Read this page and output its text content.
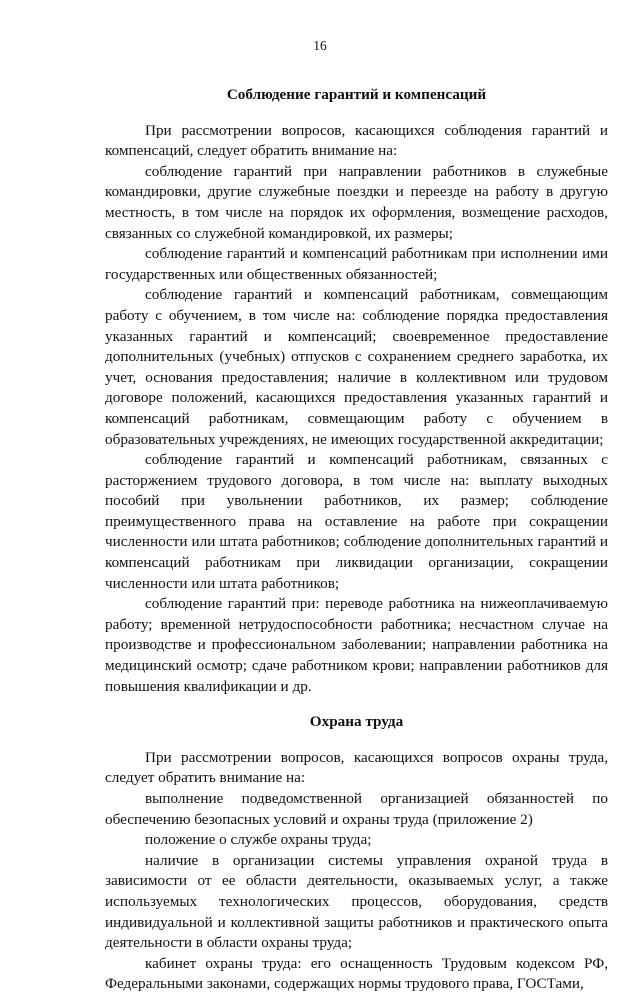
16

Соблюдение гарантий и компенсаций

При рассмотрении вопросов, касающихся соблюдения гарантий и компенсаций, следует обратить внимание на:

соблюдение гарантий при направлении работников в служебные командировки, другие служебные поездки и переезде на работу в другую местность, в том числе на порядок их оформления, возмещение расходов, связанных со служебной командировкой, их размеры;

соблюдение гарантий и компенсаций работникам при исполнении ими государственных или общественных обязанностей;

соблюдение гарантий и компенсаций работникам, совмещающим работу с обучением, в том числе на: соблюдение порядка предоставления указанных гарантий и компенсаций; своевременное предоставление дополнительных (учебных) отпусков с сохранением среднего заработка, их учет, основания предоставления; наличие в коллективном или трудовом договоре положений, касающихся предоставления указанных гарантий и компенсаций работникам, совмещающим работу с обучением в образовательных учреждениях, не имеющих государственной аккредитации;

соблюдение гарантий и компенсаций работникам, связанных с расторжением трудового договора, в том числе на: выплату выходных пособий при увольнении работников, их размер; соблюдение преимущественного права на оставление на работе при сокращении численности или штата работников; соблюдение дополнительных гарантий и компенсаций работникам при ликвидации организации, сокращении численности или штата работников;

соблюдение гарантий при: переводе работника на нижеоплачиваемую работу; временной нетрудоспособности работника; несчастном случае на производстве и профессиональном заболевании; направлении работника на медицинский осмотр; сдаче работником крови; направлении работников для повышения квалификации и др.

Охрана труда

При рассмотрении вопросов, касающихся вопросов охраны труда, следует обратить внимание на:

выполнение подведомственной организацией обязанностей по обеспечению безопасных условий и охраны труда (приложение 2)

положение о службе охраны труда;

наличие в организации системы управления охраной труда в зависимости от ее области деятельности, оказываемых услуг, а также используемых технологических процессов, оборудования, средств индивидуальной и коллективной защиты работников и практического опыта деятельности в области охраны труда;

кабинет охраны труда: его оснащенность Трудовым кодексом РФ, Федеральными законами, содержащих нормы трудового права, ГОСТами,
